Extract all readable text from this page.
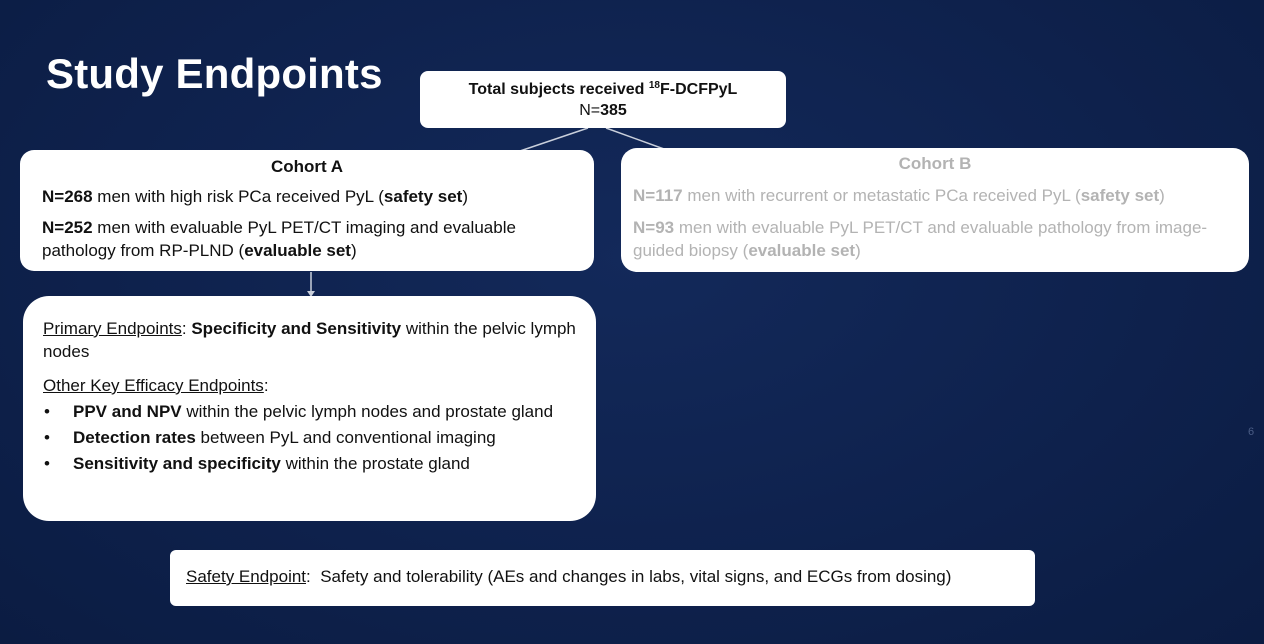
Study Endpoints	Total subjects received $^{18}$F-DCFPyL
N=385
Cohort A
N=268 men with high risk PCa received PyL (safety set)
N=252 men with evaluable PyL PET/CT imaging and evaluable pathology from RP-PLND (evaluable set)
Cohort B
N=117 men with recurrent or metastatic PCa received PyL (safety set)
N=93 men with evaluable PyL PET/CT and evaluable pathology from image-guided biopsy (evaluable set)
Primary Endpoints: Specificity and Sensitivity within the pelvic lymph nodes
Other Key Efficacy Endpoints:
• PPV and NPV within the pelvic lymph nodes and prostate gland
• Detection rates between PyL and conventional imaging
• Sensitivity and specificity within the prostate gland
Safety Endpoint:  Safety and tolerability (AEs and changes in labs, vital signs, and ECGs from dosing)
6
